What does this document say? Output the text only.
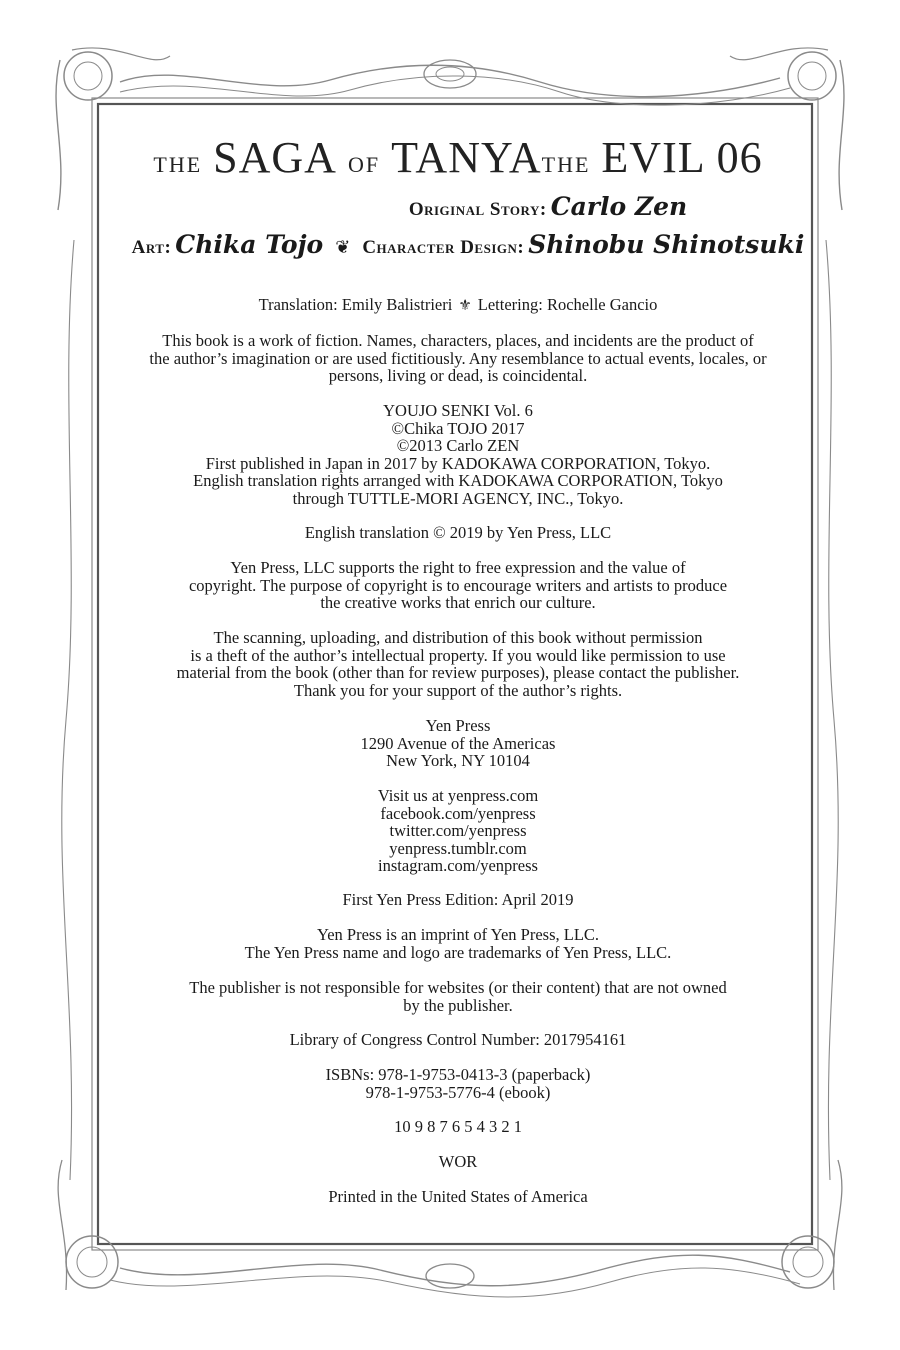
THE SAGA OF TANYATHE EVIL 06
Original Story: Carlo Zen
Art: Chika Tojo ❦ Character Design: Shinobu Shinotsuki
Translation: Emily Balistrieri ⚜ Lettering: Rochelle Gancio

This book is a work of fiction. Names, characters, places, and incidents are the product of

the author’s imagination or are used fictitiously. Any resemblance to actual events, locales, or

persons, living or dead, is coincidental.

YOUJO SENKI Vol. 6

©Chika TOJO 2017

©2013 Carlo ZEN

First published in Japan in 2017 by KADOKAWA CORPORATION, Tokyo.

English translation rights arranged with KADOKAWA CORPORATION, Tokyo

through TUTTLE-MORI AGENCY, INC., Tokyo.

English translation © 2019 by Yen Press, LLC

Yen Press, LLC supports the right to free expression and the value of

copyright. The purpose of copyright is to encourage writers and artists to produce

the creative works that enrich our culture.

The scanning, uploading, and distribution of this book without permission

is a theft of the author’s intellectual property. If you would like permission to use

material from the book (other than for review purposes), please contact the publisher.

Thank you for your support of the author’s rights.

Yen Press

1290 Avenue of the Americas

New York, NY 10104

Visit us at yenpress.com

facebook.com/yenpress

twitter.com/yenpress

yenpress.tumblr.com

instagram.com/yenpress

First Yen Press Edition: April 2019

Yen Press is an imprint of Yen Press, LLC.

The Yen Press name and logo are trademarks of Yen Press, LLC.

The publisher is not responsible for websites (or their content) that are not owned

by the publisher.

Library of Congress Control Number: 2017954161

ISBNs: 978-1-9753-0413-3 (paperback)

978-1-9753-5776-4 (ebook)

10 9 8 7 6 5 4 3 2 1

WOR

Printed in the United States of America
